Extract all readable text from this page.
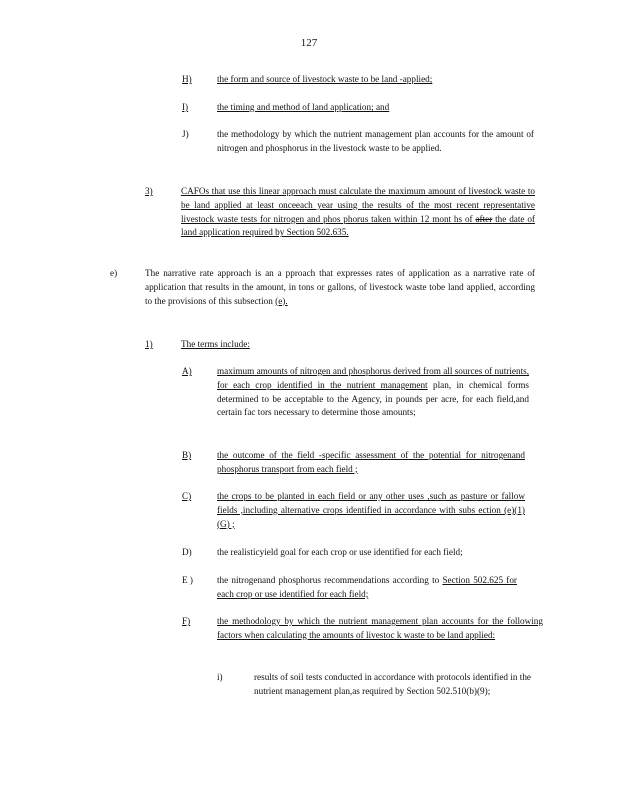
127
H)	the form and source of livestock waste to be land -applied;
I)	the timing and method of land application; and
J)	the methodology by which the nutrient management plan accounts for the amount of nitrogen and phosphorus in the livestock waste to be applied.
3)	CAFOs that use this linear approach must calculate the maximum amount of livestock waste to be land applied at least onceeach year using the results of the most recent representative livestock waste tests for nitrogen and phos phorus taken within 12 mont hs of after the date of land application required by Section 502.635.
e)	The narrative rate approach is an a pproach that expresses rates of application as a narrative rate of application that results in the amount, in tons or gallons, of livestock waste tobe land applied, according to the provisions of this subsection (e).
1)	The terms include:
A)	maximum amounts of nitrogen and phosphorus derived from all sources of nutrients, for each crop identified in the nutrient management plan, in chemical forms determined to be acceptable to the Agency, in pounds per acre, for each field,and certain fac tors necessary to determine those amounts;
B)	the outcome of the field -specific assessment of the potential for nitrogenand phosphorus transport from each field ;
C)	the crops to be planted in each field or any other uses ,such as pasture or fallow fields ,including alternative crops identified in accordance with subs ection (e)(1)(G) ;
D)	the realisticyield goal for each crop or use identified for each field;
E )	the nitrogenand phosphorus recommendations according to Section 502.625 for each crop or use identified for each field;
F)	the methodology by which the nutrient management plan accounts for the following factors when calculating the amounts of livestoc k waste to be land applied:
i)	results of soil tests conducted in accordance with protocols identified in the nutrient management plan,as required by Section 502.510(b)(9);
